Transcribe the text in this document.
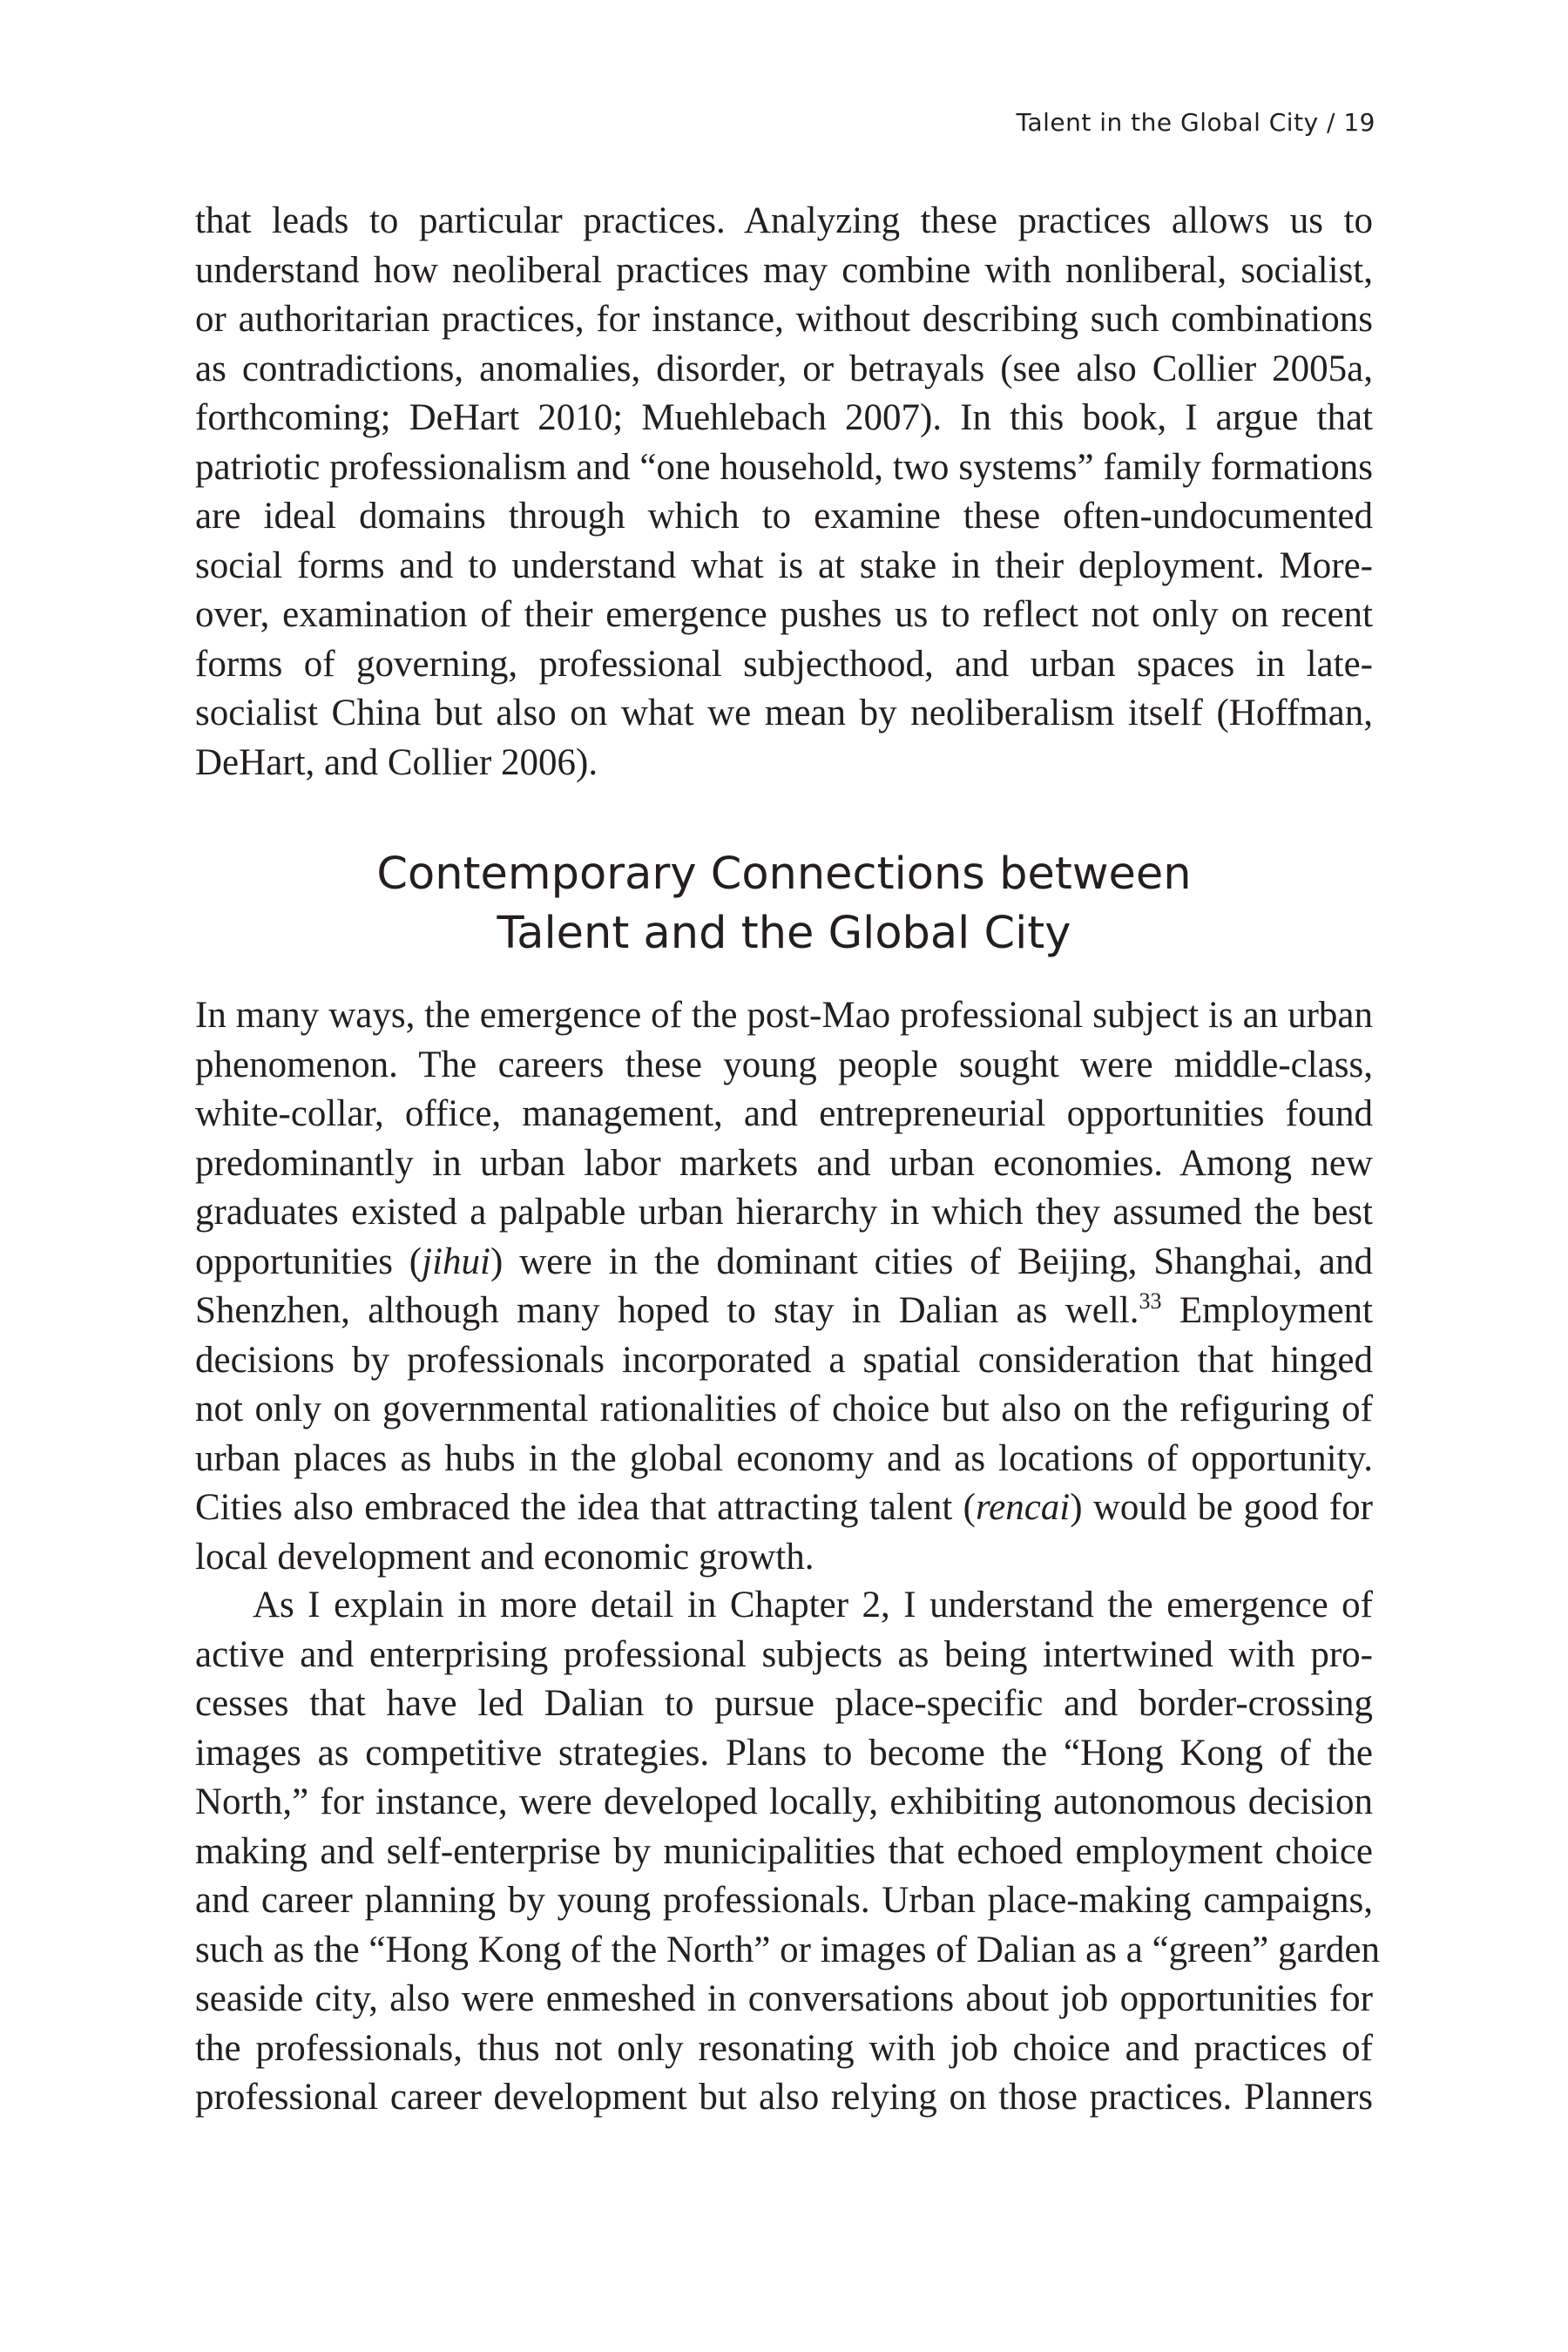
Talent in the Global City / 19
that leads to particular practices. Analyzing these practices allows us to
understand how neoliberal practices may combine with nonliberal, socialist,
or authoritarian practices, for instance, without describing such combinations
as contradictions, anomalies, disorder, or betrayals (see also Collier 2005a,
forthcoming; DeHart 2010; Muehlebach 2007). In this book, I argue that
patriotic professionalism and “one household, two systems” family formations
are ideal domains through which to examine these often-undocumented
social forms and to understand what is at stake in their deployment. More-
over, examination of their emergence pushes us to reflect not only on recent
forms of governing, professional subjecthood, and urban spaces in late-
socialist China but also on what we mean by neoliberalism itself (Hoffman,
DeHart, and Collier 2006).
Contemporary Connections between
Talent and the Global City
In many ways, the emergence of the post-Mao professional subject is an urban
phenomenon. The careers these young people sought were middle-class,
white-collar, office, management, and entrepreneurial opportunities found
predominantly in urban labor markets and urban economies. Among new
graduates existed a palpable urban hierarchy in which they assumed the best
opportunities (jihui) were in the dominant cities of Beijing, Shanghai, and
Shenzhen, although many hoped to stay in Dalian as well.$^{33}$ Employment
decisions by professionals incorporated a spatial consideration that hinged
not only on governmental rationalities of choice but also on the refiguring of
urban places as hubs in the global economy and as locations of opportunity.
Cities also embraced the idea that attracting talent (rencai) would be good for
local development and economic growth.
As I explain in more detail in Chapter 2, I understand the emergence of
active and enterprising professional subjects as being intertwined with pro-
cesses that have led Dalian to pursue place-specific and border-crossing
images as competitive strategies. Plans to become the “Hong Kong of the
North,” for instance, were developed locally, exhibiting autonomous decision
making and self-enterprise by municipalities that echoed employment choice
and career planning by young professionals. Urban place-making campaigns,
such as the “Hong Kong of the North” or images of Dalian as a “green” garden
seaside city, also were enmeshed in conversations about job opportunities for
the professionals, thus not only resonating with job choice and practices of
professional career development but also relying on those practices. Planners
